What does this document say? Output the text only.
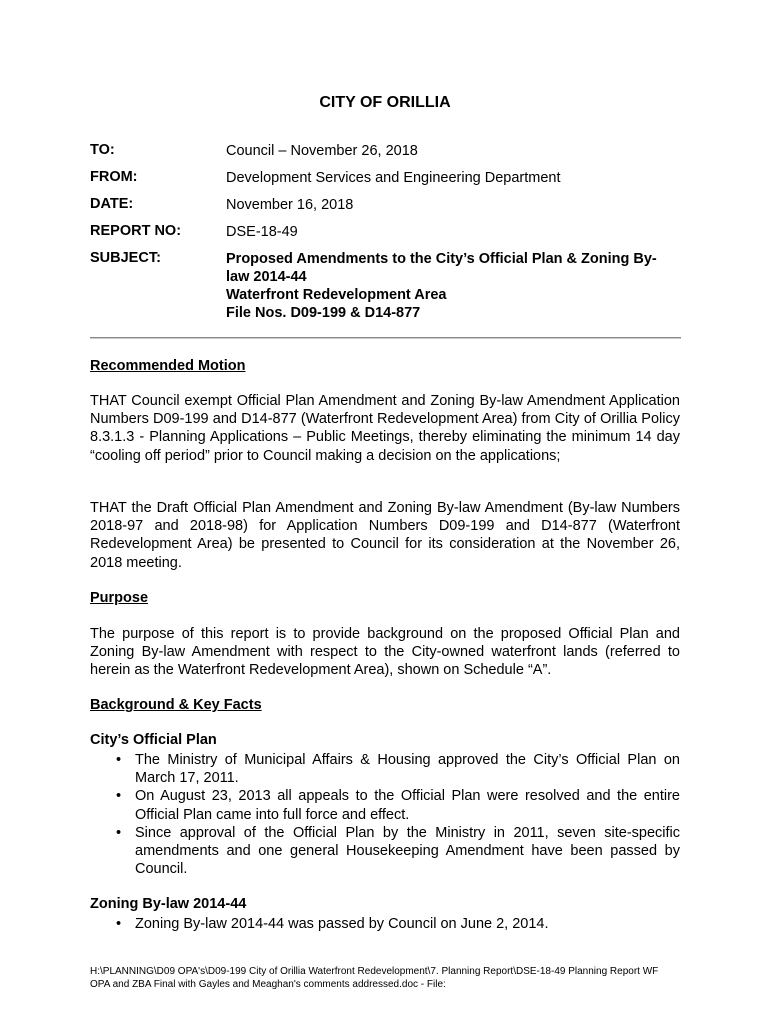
CITY OF ORILLIA
TO:	Council – November 26, 2018
FROM:	Development Services and Engineering Department
DATE:	November 16, 2018
REPORT NO:	DSE-18-49
SUBJECT:	Proposed Amendments to the City’s Official Plan & Zoning By-
law 2014-44
Waterfront Redevelopment Area
File Nos. D09-199 & D14-877
Recommended Motion
THAT Council exempt Official Plan Amendment and Zoning By-law Amendment Application Numbers D09-199 and D14-877 (Waterfront Redevelopment Area) from City of Orillia Policy 8.3.1.3 - Planning Applications – Public Meetings, thereby eliminating the minimum 14 day “cooling off period” prior to Council making a decision on the applications;
THAT the Draft Official Plan Amendment and Zoning By-law Amendment (By-law Numbers 2018-97 and 2018-98) for Application Numbers D09-199 and D14-877 (Waterfront Redevelopment Area) be presented to Council for its consideration at the November 26, 2018 meeting.
Purpose
The purpose of this report is to provide background on the proposed Official Plan and Zoning By-law Amendment with respect to the City-owned waterfront lands (referred to herein as the Waterfront Redevelopment Area), shown on Schedule “A”.
Background & Key Facts
City’s Official Plan
• The Ministry of Municipal Affairs & Housing approved the City’s Official Plan on March 17, 2011.
• On August 23, 2013 all appeals to the Official Plan were resolved and the entire Official Plan came into full force and effect.
• Since approval of the Official Plan by the Ministry in 2011, seven site-specific amendments and one general Housekeeping Amendment have been passed by Council.
Zoning By-law 2014-44
• Zoning By-law 2014-44 was passed by Council on June 2, 2014.
H:\PLANNING\D09 OPA's\D09-199 City of Orillia Waterfront Redevelopment\7. Planning Report\DSE-18-49 Planning Report WF
OPA and ZBA Final with Gayles and Meaghan's comments addressed.doc - File:
